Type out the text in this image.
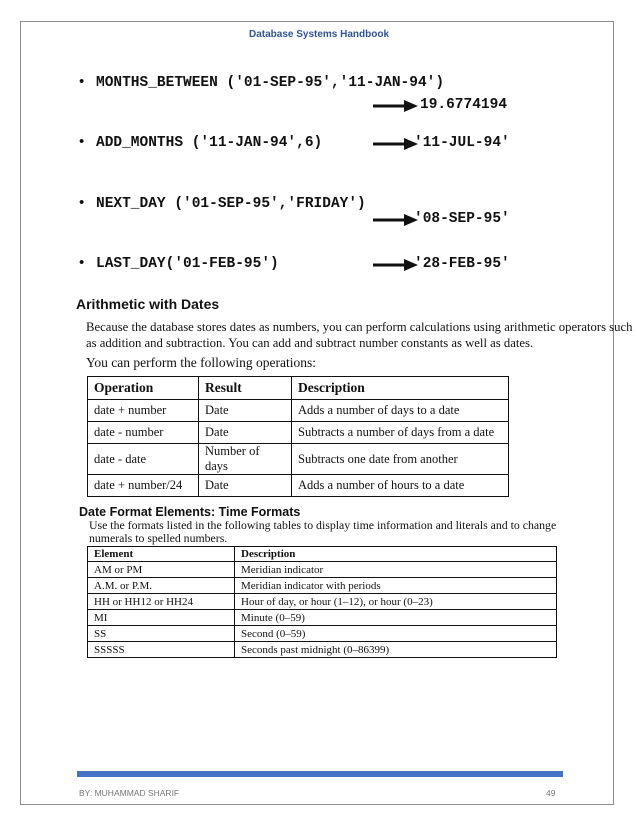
Database Systems Handbook
• MONTHS_BETWEEN ('01-SEP-95','11-JAN-94')
19.6774194
• ADD_MONTHS ('11-JAN-94',6)	'11-JUL-94'
• NEXT_DAY ('01-SEP-95','FRIDAY')
'08-SEP-95'
• LAST_DAY('01-FEB-95')	'28-FEB-95'
Arithmetic with Dates
Because the database stores dates as numbers, you can perform calculations using arithmetic operators such
as addition and subtraction. You can add and subtract number constants as well as dates.
You can perform the following operations:
Operation	Result	Description
date + number	Date	Adds a number of days to a date
date - number	Date	Subtracts a number of days from a date
date - date	Number of days	Subtracts one date from another
date + number/24	Date	Adds a number of hours to a date
Date Format Elements: Time Formats
Use the formats listed in the following tables to display time information and literals and to change
numerals to spelled numbers.
Element	Description
AM or PM	Meridian indicator
A.M. or P.M.	Meridian indicator with periods
HH or HH12 or HH24	Hour of day, or hour (1–12), or hour (0–23)
MI	Minute (0–59)
SS	Second (0–59)
SSSSS	Seconds past midnight (0–86399)
BY: MUHAMMAD SHARIF	49
